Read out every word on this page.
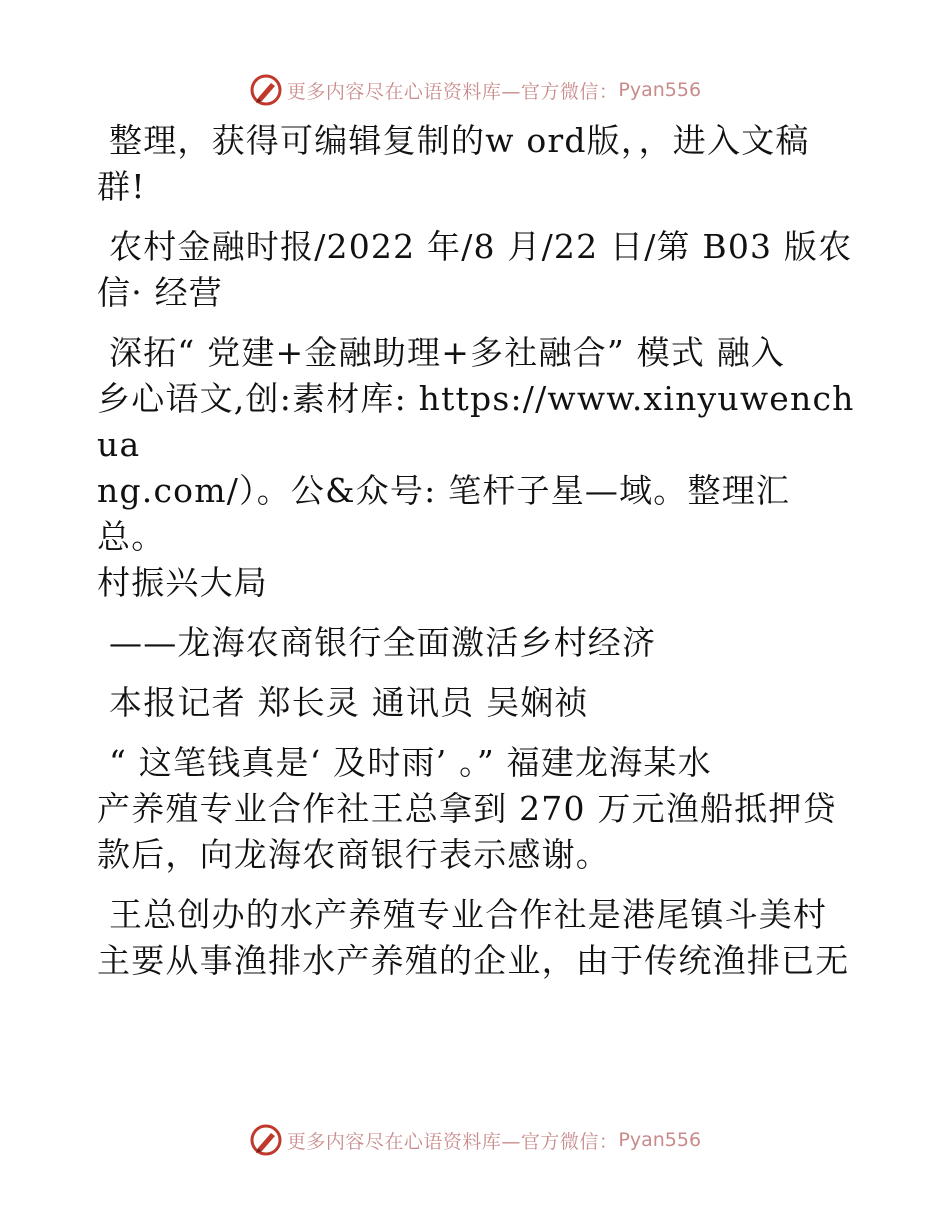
更多内容尽在心语资料库—官方微信： Pyan556
整理，获得可编辑复制的w ord版，，进入文稿
群!
农村金融时报/2022 年/8 月/22 日/第 B03 版农
信· 经营
深拓“ 党建+金融助理+多社融合” 模式 融入
乡心语文,创:素材库: https://www.xinyuwenchua
ng.com/）。公&众号: 笔杆子星—域。整理汇总。
村振兴大局
——龙海农商银行全面激活乡村经济
本报记者 郑长灵 通讯员 吴娴祯
“ 这笔钱真是‘ 及时雨’ 。” 福建龙海某水
产养殖专业合作社王总拿到 270 万元渔船抵押贷
款后，向龙海农商银行表示感谢。
王总创办的水产养殖专业合作社是港尾镇斗美村
主要从事渔排水产养殖的企业，由于传统渔排已无
更多内容尽在心语资料库—官方微信： Pyan556
